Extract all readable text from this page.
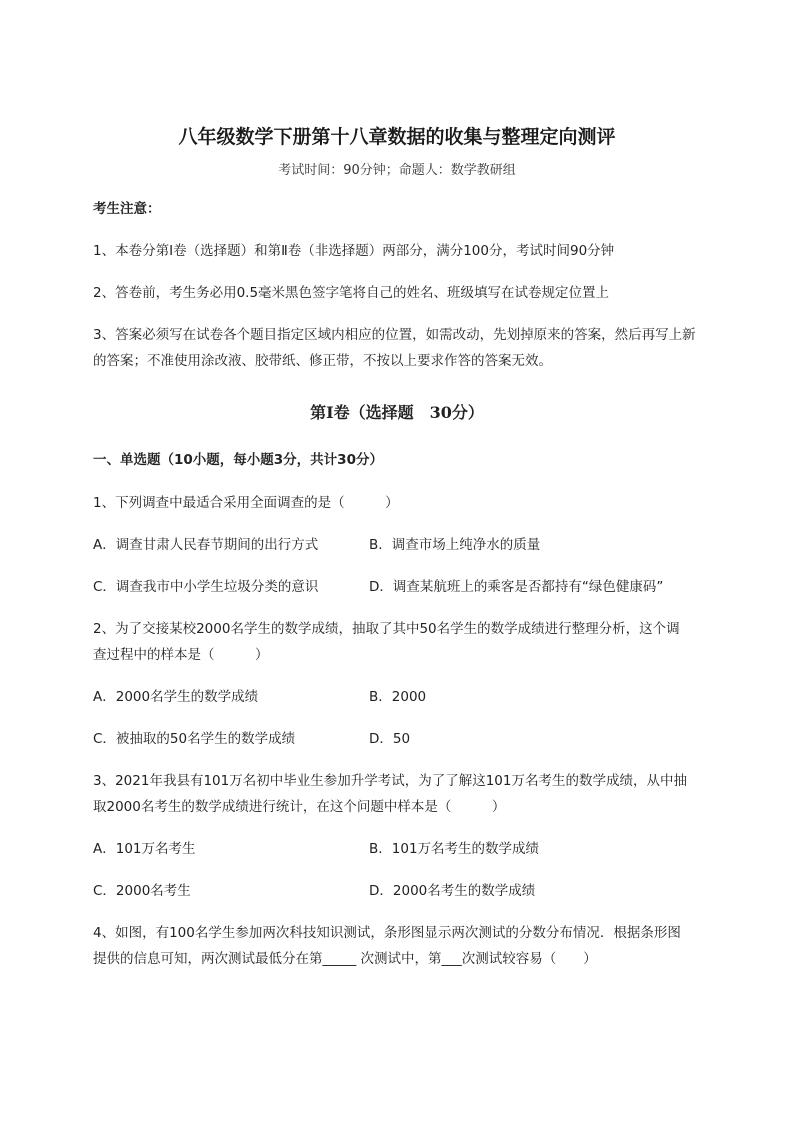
八年级数学下册第十八章数据的收集与整理定向测评
考试时间：90分钟；命题人：数学教研组
考生注意：
1、本卷分第Ⅰ卷（选择题）和第Ⅱ卷（非选择题）两部分，满分100分，考试时间90分钟
2、答卷前，考生务必用0.5毫米黑色签字笔将自己的姓名、班级填写在试卷规定位置上
3、答案必须写在试卷各个题目指定区域内相应的位置，如需改动，先划掉原来的答案，然后再写上新
的答案；不准使用涂改液、胶带纸、修正带，不按以上要求作答的答案无效。
第Ⅰ卷（选择题　30分）
一、单选题（10小题，每小题3分，共计30分）
1、下列调查中最适合采用全面调查的是（　　　）
A．调查甘肃人民春节期间的出行方式	B．调查市场上纯净水的质量
C．调查我市中小学生垃圾分类的意识	D．调查某航班上的乘客是否都持有“绿色健康码”
2、为了交接某校2000名学生的数学成绩，抽取了其中50名学生的数学成绩进行整理分析，这个调
查过程中的样本是（　　　）
A．2000名学生的数学成绩	B．2000
C．被抽取的50名学生的数学成绩	D．50
3、2021年我县有101万名初中毕业生参加升学考试，为了了解这101万名考生的数学成绩，从中抽
取2000名考生的数学成绩进行统计，在这个问题中样本是（　　　）
A．101万名考生	B．101万名考生的数学成绩
C．2000名考生	D．2000名考生的数学成绩
4、如图，有100名学生参加两次科技知识测试，条形图显示两次测试的分数分布情况．根据条形图
提供的信息可知，两次测试最低分在第_____ 次测试中，第___次测试较容易（　　）
